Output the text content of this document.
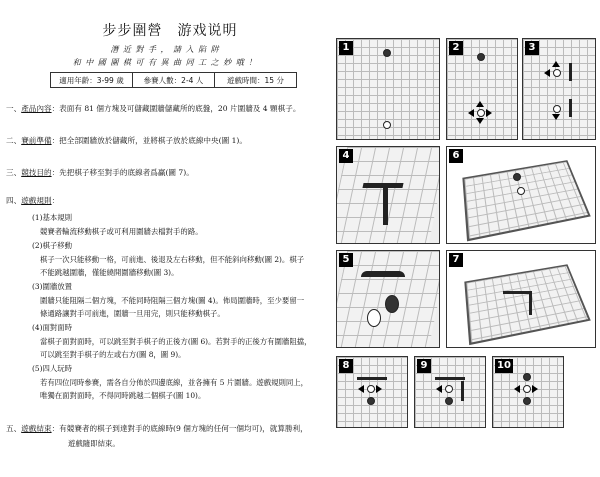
步步圍營　游戏说明
潛 近 對 手 ， 請 入 陷 阱
和 中 國 圍 棋 可 有 異 曲 同 工 之 妙 哦 ！
適用年齡：3-99 歲	參賽人數：2-4 人	遊戲時間：15 分
一、產品內容：表面有 81 個方塊及可儲藏圍牆儲藏所的底盤，20 片圍牆及 4 顆棋子。
二、賽前準備：把全部圍牆放於儲藏所，並將棋子放於底線中央(圖 1)。
三、競技目的：先把棋子移至對手的底線者爲贏(圖 7)。
四、遊戲規則：
(1)基本規則
競賽者輪流移動棋子或可利用圍牆去檔對手的路。
(2)棋子移動
棋子一次只能移動一格，可前進、後退及左右移動，但不能斜向移動(圖 2)。棋子
不能跳越圍牆，僅能繞開圍牆移動(圖 3)。
(3)圍牆放置
圍牆只能阻隔二個方塊，不能同時阻隔三個方塊(圖 4)。佈局圍牆時，至少要留一
條通路讓對手可前進，圍牆一旦用完，則只能移動棋子。
(4)面對面時
當棋子面對面時，可以跳至對手棋子的正後方(圖 6)。若對手的正後方有圍牆阻擋，
可以跳至對手棋子的左或右方(圖 8，圖 9)。
(5)四人玩時
若有四位同時參賽，需各自分佈於四邊底線，並各擁有 5 片圍牆。遊戲規則同上，
唯獨在面對面時，不得同時跳越二個棋子(圖 10)。
五、遊戲結束：有競賽者的棋子到達對手的底線時(9 個方塊的任何一個均可)，就算勝利，
遊戲隨即結束。
1	2	3
4	6
5	7
8	9	10
